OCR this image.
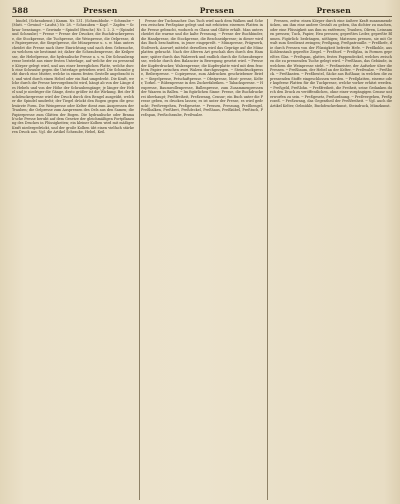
588	Pressen	Pressen	Pressen

bindel, (Schraubenst.) Kamm. Nr. 131. (Schraubbohr. ─ Schraube ─ (Mutt. ─ Gewind ─ Laufst.) Nr. 28. ─ Schrauben ─ Kopf. ─ Zapfen ─ Schrau- benstange. ─ Gewinde ─ Spindel (Beschr.) Nr. 1. 2. 3. ─ (Spindel und Schraube) ─ Presse ─ Presse der Drucker, die Buchdruckerpresse, die Stockpresse, die Tuchpresse, die Weinpresse, die Oelpresse, die Papierpresse, die Siegelpresse, die Münzpresse u. s. w. Man unterscheidet die Presse nach ihrer Einrichtung und nach dem Gebrauche, zu welchem sie bestimmt ist; daher die Schraubenpresse, die Keilpresse, die Hebelpresse, die hydraulische Presse u. s. w. Die Schraubenpresse besteht aus einer festen Unterlage, auf welche der zu pressende Körper gelegt wird, und aus einer beweglichen Platte, welche durch eine Schraube gegen die Unterlage getrieben wird. Die Schraube geht durch eine Mutter, welche in einem festen Gestelle angebracht ist, und wird durch einen Hebel oder ein Rad umgedreht. Die Kraft, welche durch die Presse hervorgebracht wird, hängt ab von der Länge des Hebels und von der Höhe der Schraubengänge; je länger der Hebel und je niedriger die Gänge, desto größer ist die Wirkung. Bei der Buchdruckerpresse wird der Druck durch den Bengel ausgeübt, welcher die Spindel umdreht; der Tiegel drückt den Bogen gegen die geschwärzte Form. Die Weinpresse oder Kelter dient zum Auspressen der Trauben; die Oelpresse zum Auspressen des Oels aus den Samen; die Papierpresse zum Glätten der Bogen. Die hydraulische oder Bramah'sche Presse beruht auf dem Gesetze der gleichmäßigen Fortpflanzung des Druckes in Flüssigkeiten; ein kleiner Kolben wird mit mäßiger Kraft niedergedrückt, und der große Kolben übt einen vielfach stärkeren Druck aus. Vgl. die Artikel Schraube, Hebel, Keil.

Presse der Tuchmacher. Das Tuch wird nach dem Walken und Scheren zwischen Preßspäne gelegt und mit erhitzten eisernen Platten in die Presse gebracht, wodurch es Glanz und Glätte erhält. Man unterscheidet die warme und die kalte Pressung. ─ Presse der Buchbinder, die Handpresse, die Stockpresse, die Beschneidpresse; in dieser wird das Buch beschnitten, in jener eingepreßt. ─ Münzpresse, Prägwerk, Stoßwerk, Anwurf; mittelst derselben wird das Gepräge auf die Münzplatten gebracht. Nach der älteren Art geschah dies durch den Hammer; später durch das Walzwerk und endlich durch die Schraubenpresse, welche durch den Balancier in Bewegung gesetzt wird. ─ Presse der Kupferdrucker, Walzenpresse; die Kupferplatte wird mit dem feuchten Papier zwischen zwei Walzen durchgezogen. ─ Steindruckpresse, Reiberpresse. ─ Copirpresse, zum Abdrucken geschriebener Briefe. ─ Siegelpresse, Petschaftpresse. ─ Obstpresse, Most- presse, Kelter, Torkel. ─ Rübenpresse in den Zuckerfabriken. ─ Tabackspresse. ─ Heupresse, Baumwollenpresse, Ballenpresse, zum Zusammenpressen der Waaren in Ballen. ─ Im figürlichen Sinne: Presse, die Buchdruckerei überhaupt; Preßfreiheit, Preßzwang, Censur; ein Buch unter die Presse geben, es drucken lassen; es ist unter der Presse, es wird gedruckt; Preßvergehen, Preßgesetze. ─ Pressen, Pressung, Preßbengel, Preßbalken, Preßbret, Preßdeckel, Preßhaus, Preßkübel, Preßtuch, Preßspan, Preßschraube, Preßwalze.

Pressen, zeitw. einen Körper durch eine äußere Kraft zusammendrücken, um ihm eine andere Gestalt zu geben, ihn dichter zu machen, oder eine Flüssigkeit aus ihm zu entfernen; Trauben, Oliven, Leinsamen pressen; Tuch, Papier, Heu pressen; gepreßtes Leder, gepreßte Blumen. Figürlich: bedrängen, nöthigen; Matrosen pressen, sie mit Gewalt zum Seedienst zwingen; Preßgang, Preßpatrouille. ─ Preßhefe, die durch Pressen von der Flüssigkeit befreite Hefe. ─ Preßkohle, aus Kohlenstaub gepreßte Ziegel. ─ Preßtorf. ─ Preßglas, in Formen gepreßtes Glas. ─ Preßspan, glattes, festes Pappendeckel, welches zwischen die zu pressenden Tuche gelegt wird. ─ Preßhaus, das Gebäude, in welchem die Weinpresse steht. ─ Preßmeister, der Aufseher über die Pressen. ─ Preßbaum, der Hebel an der Kelter. ─ Preßwalze. ─ Preßbock. ─ Preßkasten. ─ Preßbeutel, Säcke aus Roßhaar, in welchen die zu pressenden Stoffe eingeschlossen werden. ─ Preßplatten, eiserne oder kupferne Platten für die Tuchpresse, welche vorher erhitzt werden. ─ Preßgeld, Preßlohn. ─ Preßfreiheit, die Freiheit, seine Gedanken durch den Druck zu veröffentlichen, ohne einer vorgängigen Censur unterworfen zu sein. ─ Preßgesetz, Preßordnung. ─ Preßvergehen, Preßprozeß. ─ Preßzwang, das Gegentheil der Preßfreiheit. ─ Vgl. auch die Artikel Kelter, Oelmühle, Buchdruckerkunst, Steindruck, Münzkunst.
